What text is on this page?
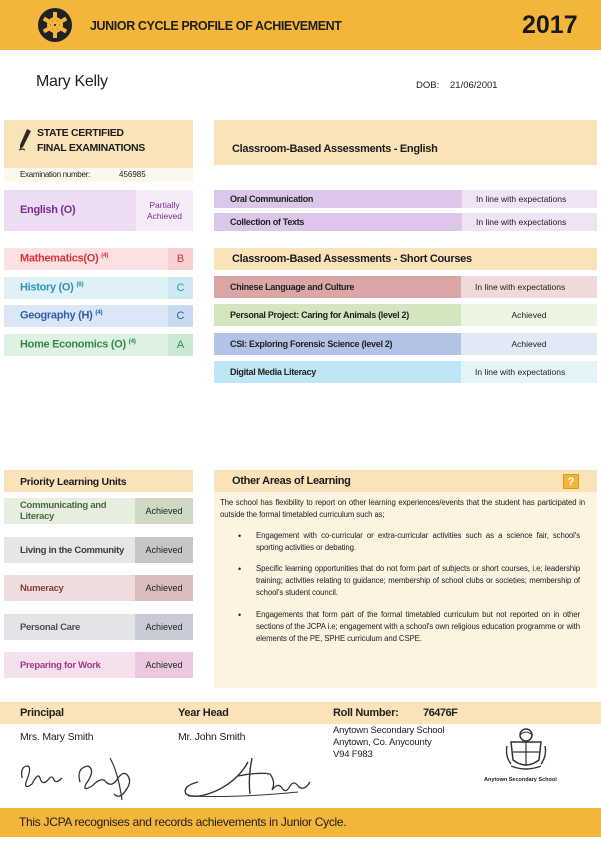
JUNIOR CYCLE PROFILE OF ACHIEVEMENT	2017
Mary Kelly	DOB: 21/06/2001
STATE CERTIFIED
FINAL EXAMINATIONS
Examination number:	456985
English (O)	Partially Achieved
Mathematics(O) $^{(4)}$	B
History (O) $^{(8)}$	C
Geography (H) $^{(4)}$	C
Home Economics (O) $^{(4)}$	A
Classroom-Based Assessments - English
Oral Communication	In line with expectations
Collection of Texts	In line with expectations
Classroom-Based Assessments - Short Courses
Chinese Language and Culture	In line with expectations
Personal Project: Caring for Animals (level 2)	Achieved
CSI: Exploring Forensic Science (level 2)	Achieved
Digital Media Literacy	In line with expectations
Priority Learning Units
Communicating and Literacy	Achieved
Living in the Community	Achieved
Numeracy	Achieved
Personal Care	Achieved
Preparing for Work	Achieved
Other Areas of Learning	?
The school has flexibility to report on other learning experiences/events that the student has participated in outside the formal timetabled curriculum such as;
•	Engagement with co-curricular or extra-curricular activities such as a science fair, school's sporting activities or debating.
•	Specific learning opportunities that do not form part of subjects or short courses, i.e; leadership training; activities relating to guidance; membership of school clubs or societies; membership of school's student council.
•	Engagements that form part of the formal timetabled curriculum but not reported on in other sections of the JCPA i.e; engagement with a school's own religious education programme or with elements of the PE, SPHE curriculum and CSPE.
Principal	Year Head	Roll Number: 76476F
Mrs. Mary Smith	Mr. John Smith
Anytown Secondary School
Anytown, Co. Anycounty
V94 F983
Anytown Secondary School
This JCPA recognises and records achievements in Junior Cycle.
